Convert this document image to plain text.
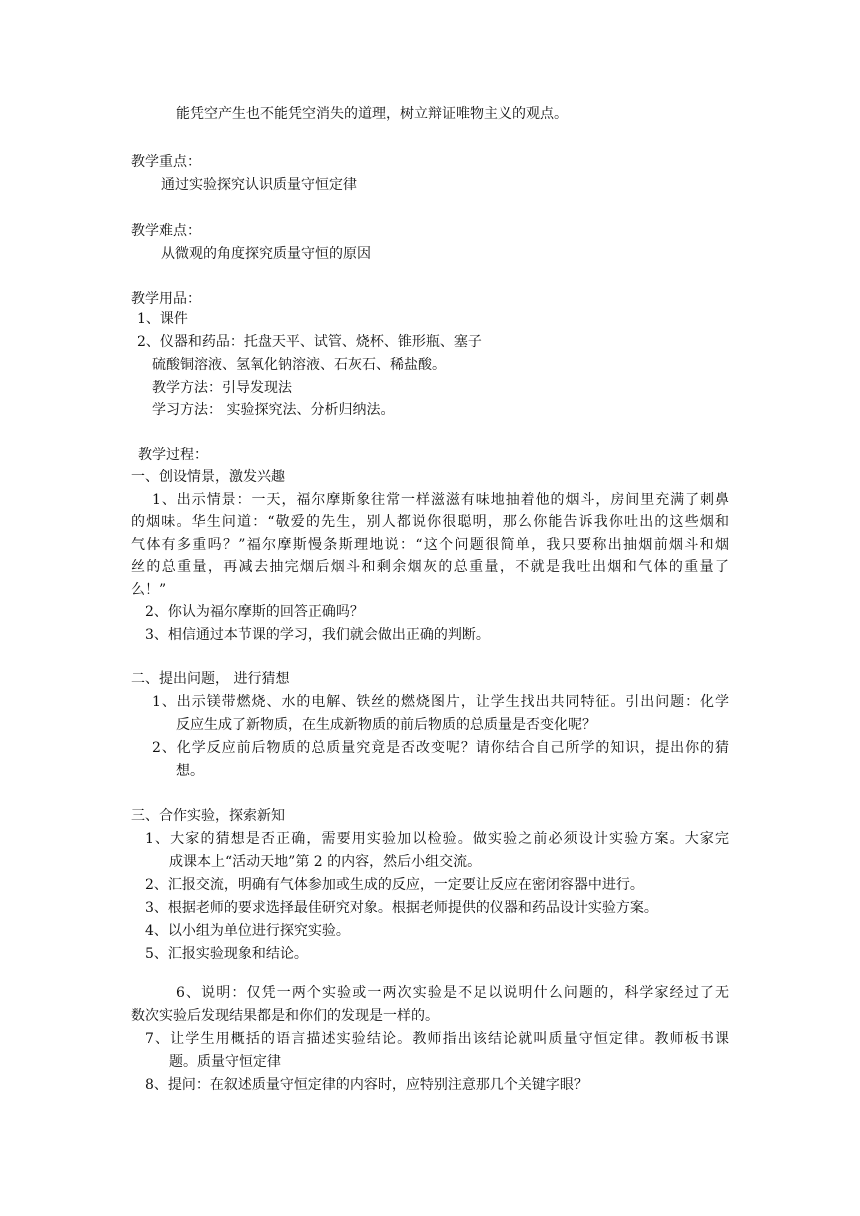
能凭空产生也不能凭空消失的道理，树立辩证唯物主义的观点。
教学重点：
通过实验探究认识质量守恒定律
教学难点：
从微观的角度探究质量守恒的原因
教学用品：
1、课件
2、仪器和药品：托盘天平、试管、烧杯、锥形瓶、塞子
硫酸铜溶液、氢氧化钠溶液、石灰石、稀盐酸。
教学方法：引导发现法
学习方法： 实验探究法、分析归纳法。
教学过程：
一、创设情景，激发兴趣
1、出示情景：一天，福尔摩斯象往常一样滋滋有味地抽着他的烟斗，房间里充满了刺鼻
的烟味。华生问道：“敬爱的先生，别人都说你很聪明，那么你能告诉我你吐出的这些烟和
气体有多重吗？”福尔摩斯慢条斯理地说：“这个问题很简单，我只要称出抽烟前烟斗和烟
丝的总重量，再减去抽完烟后烟斗和剩余烟灰的总重量，不就是我吐出烟和气体的重量了
么！”
2、你认为福尔摩斯的回答正确吗？
3、相信通过本节课的学习，我们就会做出正确的判断。
二、提出问题， 进行猜想
1、出示镁带燃烧、水的电解、铁丝的燃烧图片，让学生找出共同特征。引出问题：化学
反应生成了新物质，在生成新物质的前后物质的总质量是否变化呢？
2、化学反应前后物质的总质量究竟是否改变呢？请你结合自己所学的知识，提出你的猜
想。
三、合作实验，探索新知
1、大家的猜想是否正确，需要用实验加以检验。做实验之前必须设计实验方案。大家完
成课本上“活动天地”第 2 的内容，然后小组交流。
2、汇报交流，明确有气体参加或生成的反应，一定要让反应在密闭容器中进行。
3、根据老师的要求选择最佳研究对象。根据老师提供的仪器和药品设计实验方案。
4、以小组为单位进行探究实验。
5、汇报实验现象和结论。
6、说明：仅凭一两个实验或一两次实验是不足以说明什么问题的，科学家经过了无
数次实验后发现结果都是和你们的发现是一样的。
7、让学生用概括的语言描述实验结论。教师指出该结论就叫质量守恒定律。教师板书课
题。质量守恒定律
8、提问：在叙述质量守恒定律的内容时，应特别注意那几个关键字眼？
